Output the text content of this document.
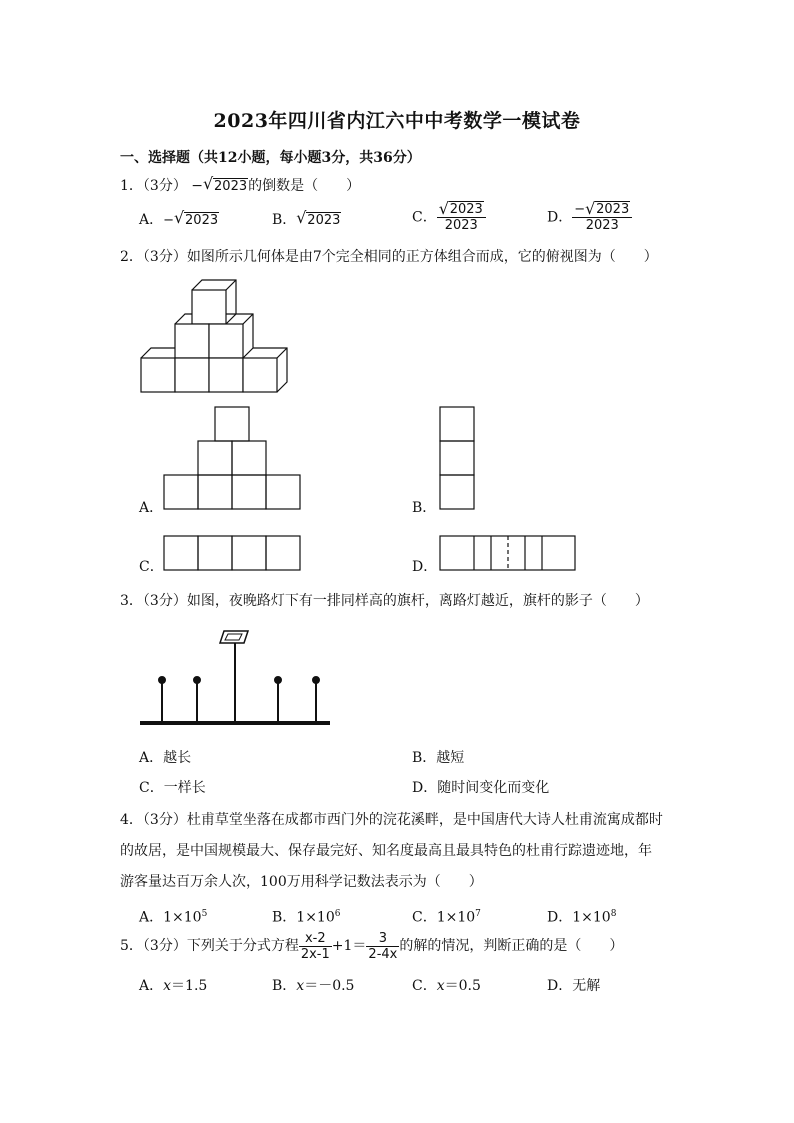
2023年四川省内江六中中考数学一模试卷
一、选择题（共12小题，每小题3分，共36分）
1．（3分） − √ 2023的倒数是（　　）
A．− √ 2023	B． √ 2023	C． $\frac{√ 2023}{2023}$	D． $\frac{- √ 2023}{2023}$
2．（3分）如图所示几何体是由7个完全相同的正方体组合而成，它的俯视图为（　　）
A．	B．
C．	D．
3．（3分）如图，夜晚路灯下有一排同样高的旗杆，离路灯越近，旗杆的影子（　　）
A．越长	B．越短
C．一样长	D．随时间变化而变化
4．（3分）杜甫草堂坐落在成都市西门外的浣花溪畔，是中国唐代大诗人杜甫流寓成都时
的故居，是中国规模最大、保存最完好、知名度最高且最具特色的杜甫行踪遗迹地，年
游客量达百万余人次，100万用科学记数法表示为（　　）
A．$1\times 10^5$	B．$1\times 10^6$	C．$1\times 10^7$	D．$1\times 10^8$
5．（3分）下列关于分式方程 $\frac{x-2}{2x-1} +1= \frac{3}{2-4x}$ 的解的情况，判断正确的是（　　）
A．x＝1.5	B．x＝－0.5	C．x＝0.5	D．无解
